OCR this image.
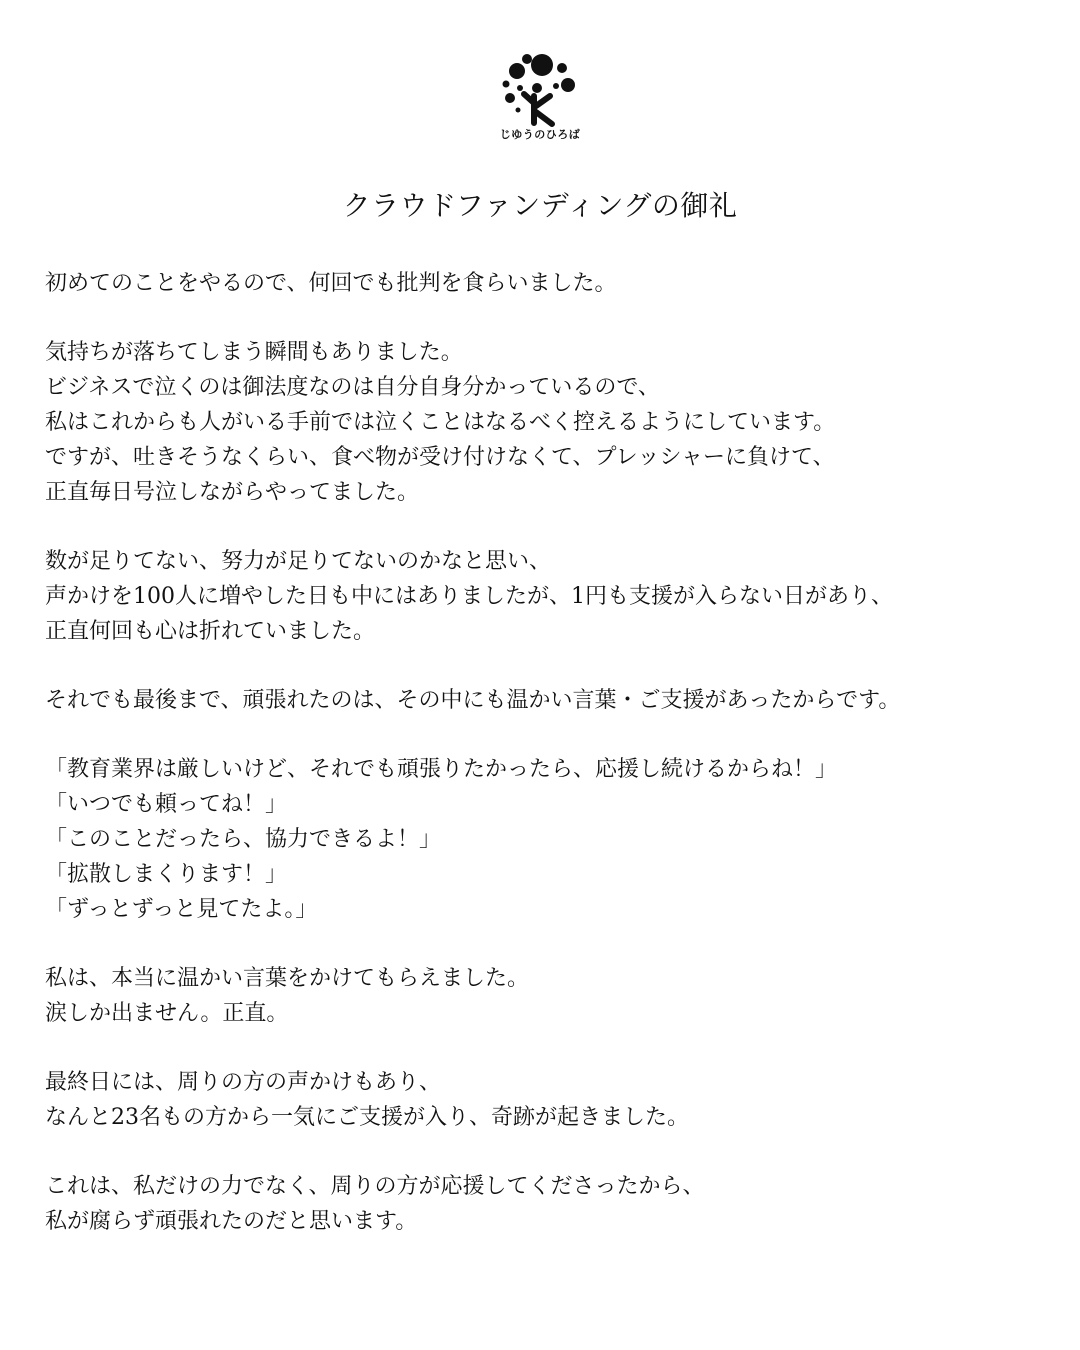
じゆうのひろば
クラウドファンディングの御礼

初めてのことをやるので、何回でも批判を食らいました。

気持ちが落ちてしまう瞬間もありました。
ビジネスで泣くのは御法度なのは自分自身分かっているので、
私はこれからも人がいる手前では泣くことはなるべく控えるようにしています。
ですが、吐きそうなくらい、食べ物が受け付けなくて、プレッシャーに負けて、
正直毎日号泣しながらやってました。

数が足りてない、努力が足りてないのかなと思い、
声かけを100人に増やした日も中にはありましたが、1円も支援が入らない日があり、
正直何回も心は折れていました。

それでも最後まで、頑張れたのは、その中にも温かい言葉・ご支援があったからです。

「教育業界は厳しいけど、それでも頑張りたかったら、応援し続けるからね！」
「いつでも頼ってね！」
「このことだったら、協力できるよ！」
「拡散しまくります！」
「ずっとずっと見てたよ。」

私は、本当に温かい言葉をかけてもらえました。
涙しか出ません。正直。

最終日には、周りの方の声かけもあり、
なんと23名もの方から一気にご支援が入り、奇跡が起きました。

これは、私だけの力でなく、周りの方が応援してくださったから、
私が腐らず頑張れたのだと思います。
